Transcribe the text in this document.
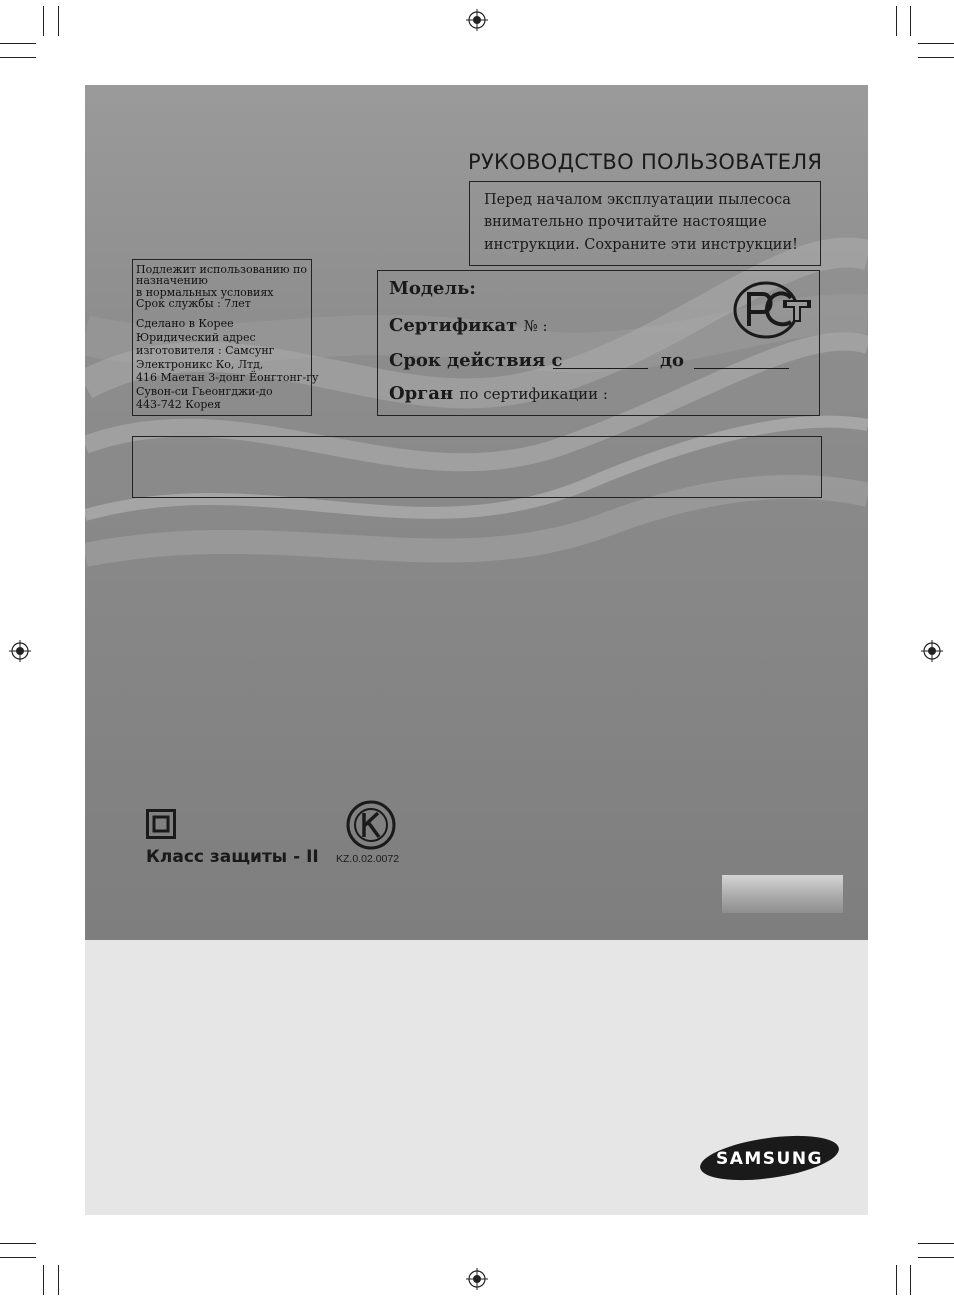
РУКОВОДСТВО ПОЛЬЗОВАТЕЛЯ
Перед началом эксплуатации пылесоса
внимательно прочитайте настоящие
инструкции. Сохраните эти инструкции!
Подлежит использованию по
назначению
в нормальных условиях
Срок службы : 7лет
Сделано в Корее
Юридический адрес
изготовителя : Самсунг
Электроникс Ко, Лтд,
416 Маетан 3-донг Ёонгтонг-гу
Сувон-си Гьеонгджи-до
443-742 Корея
Модель:
Сертификат № :
Срок действия с	до
Орган по сертификации :
Класс защиты - II KZ.0.02.0072
SAMSUNG
